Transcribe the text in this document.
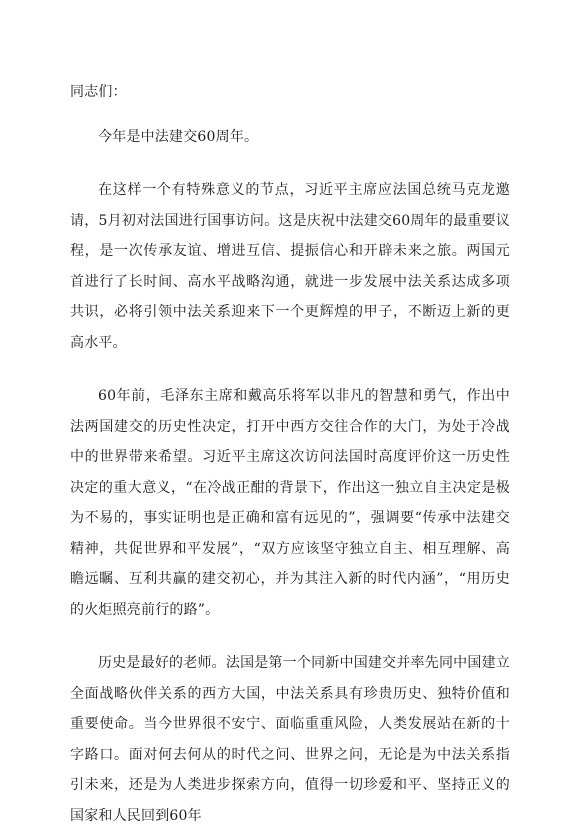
同志们：

今年是中法建交60周年。

在这样一个有特殊意义的节点，习近平主席应法国总统马克龙邀请，5月初对法国进行国事访问。这是庆祝中法建交60周年的最重要议程，是一次传承友谊、增进互信、提振信心和开辟未来之旅。两国元首进行了长时间、高水平战略沟通，就进一步发展中法关系达成多项共识，必将引领中法关系迎来下一个更辉煌的甲子，不断迈上新的更高水平。

60年前，毛泽东主席和戴高乐将军以非凡的智慧和勇气，作出中法两国建交的历史性决定，打开中西方交往合作的大门，为处于冷战中的世界带来希望。习近平主席这次访问法国时高度评价这一历史性决定的重大意义，“在冷战正酣的背景下，作出这一独立自主决定是极为不易的，事实证明也是正确和富有远见的”，强调要“传承中法建交精神，共促世界和平发展”，“双方应该坚守独立自主、相互理解、高瞻远瞩、互利共赢的建交初心，并为其注入新的时代内涵”，“用历史的火炬照亮前行的路”。

历史是最好的老师。法国是第一个同新中国建交并率先同中国建立全面战略伙伴关系的西方大国，中法关系具有珍贵历史、独特价值和重要使命。当今世界很不安宁、面临重重风险，人类发展站在新的十字路口。面对何去何从的时代之问、世界之问，无论是为中法关系指引未来，还是为人类进步探索方向，值得一切珍爱和平、坚持正义的国家和人民回到60年
